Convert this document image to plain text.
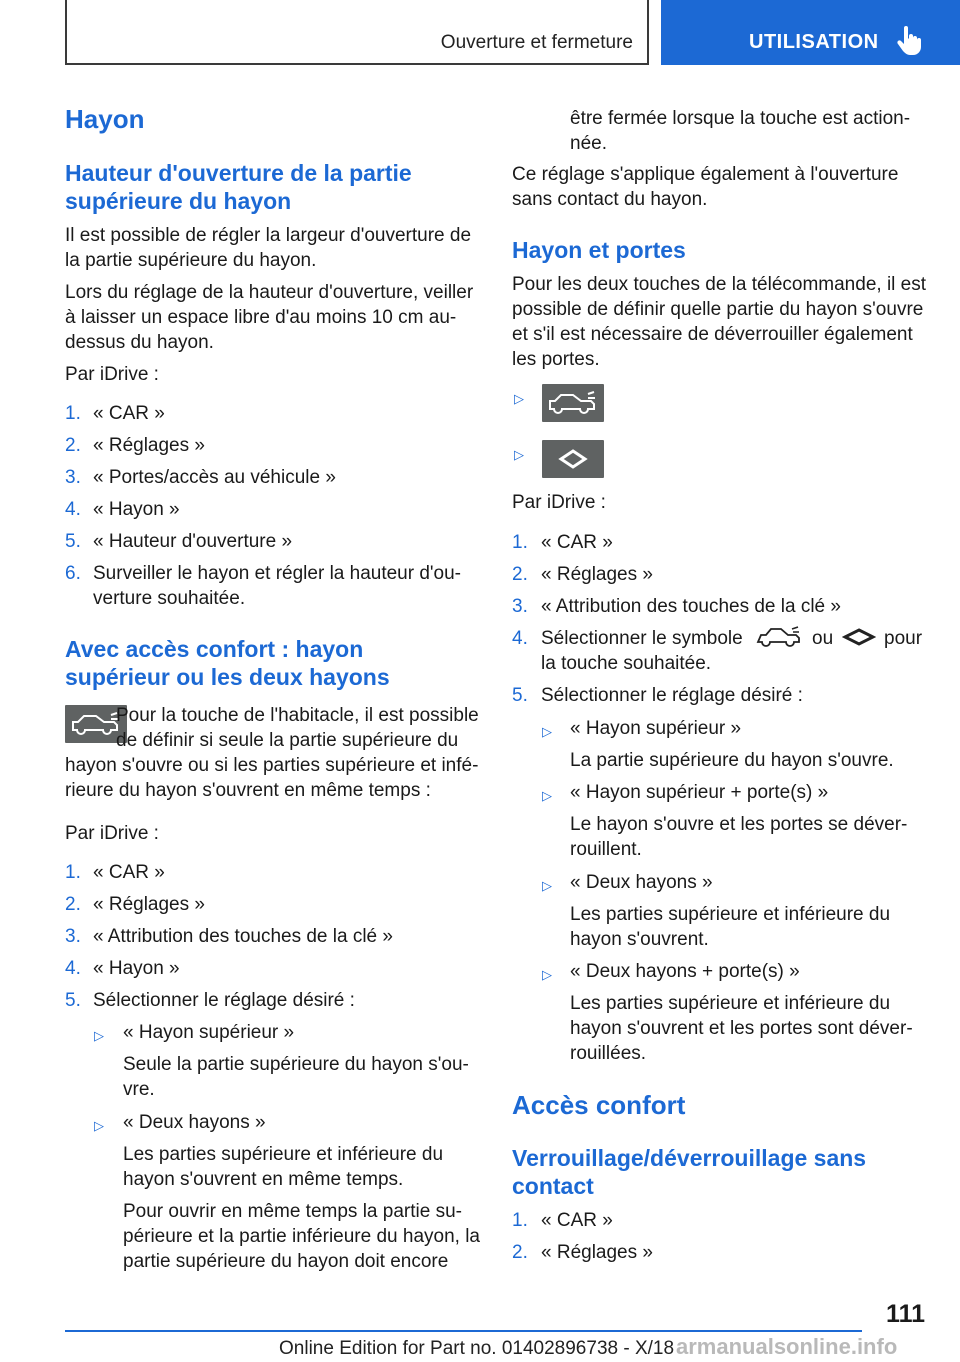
Ouverture et fermeture	UTILISATION
Hayon
Hauteur d'ouverture de la partie
supérieure du hayon

Il est possible de régler la largeur d'ouverture de
la partie supérieure du hayon.

Lors du réglage de la hauteur d'ouverture, veiller
à laisser un espace libre d'au moins 10 cm au-
dessus du hayon.

Par iDrive :

1. « CAR »
2. « Réglages »
3. « Portes/accès au véhicule »
4. « Hayon »
5. « Hauteur d'ouverture »
6. Surveiller le hayon et régler la hauteur d'ou-
verture souhaitée.
Avec accès confort : hayon
supérieur ou les deux hayons

Pour la touche de l'habitacle, il est possible
de définir si seule la partie supérieure du

hayon s'ouvre ou si les parties supérieure et infé-
rieure du hayon s'ouvrent en même temps :

Par iDrive :

1. « CAR »
2. « Réglages »
3. « Attribution des touches de la clé »
4. « Hayon »
5. Sélectionner le réglage désiré :
▷ « Hayon supérieur »

Seule la partie supérieure du hayon s'ou-
vre.

▷ « Deux hayons »

Les parties supérieure et inférieure du
hayon s'ouvrent en même temps.

Pour ouvrir en même temps la partie su-
périeure et la partie inférieure du hayon, la
partie supérieure du hayon doit encore

être fermée lorsque la touche est action-
née.

Ce réglage s'applique également à l'ouverture
sans contact du hayon.

Hayon et portes

Pour les deux touches de la télécommande, il est
possible de définir quelle partie du hayon s'ouvre
et s'il est nécessaire de déverrouiller également
les portes.

▷
▷

Par iDrive :

1. « CAR »
2. « Réglages »
3. « Attribution des touches de la clé »
4. Sélectionner le symbole	ou	pour
la touche souhaitée.
5. Sélectionner le réglage désiré :
▷ « Hayon supérieur »
La partie supérieure du hayon s'ouvre.
▷ « Hayon supérieur + porte(s) »

Le hayon s'ouvre et les portes se déver-
rouillent.

▷ « Deux hayons »

Les parties supérieure et inférieure du
hayon s'ouvrent.

▷ « Deux hayons + porte(s) »

Les parties supérieure et inférieure du
hayon s'ouvrent et les portes sont déver-
rouillées.

Accès confort
Verrouillage/déverrouillage sans
contact
1. « CAR »
2. « Réglages »
111
Online Edition for Part no. 01402896738 - X/18 armanualsonline.info
